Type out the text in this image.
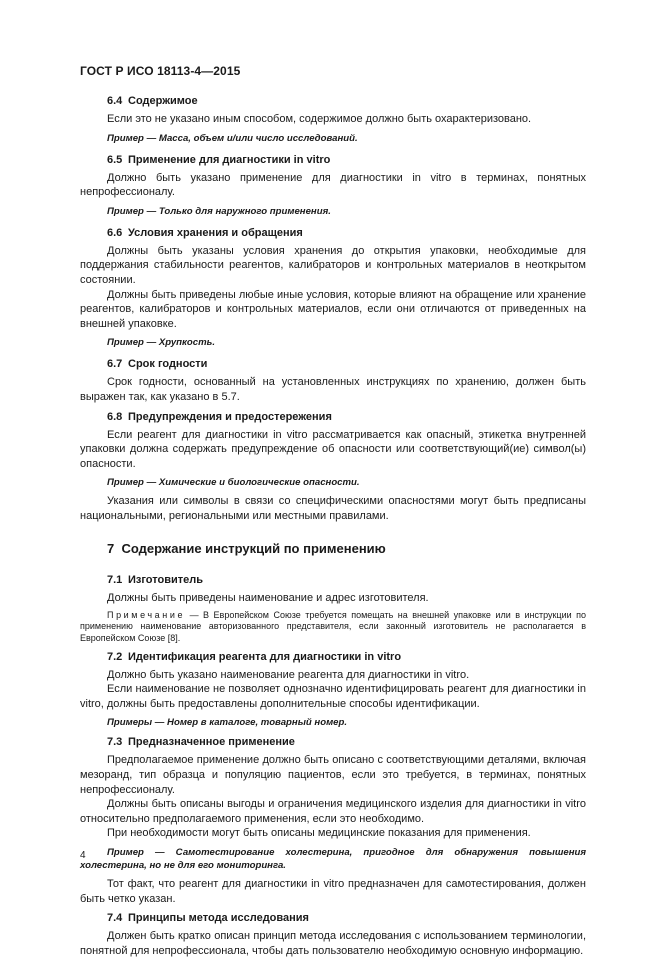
ГОСТ Р ИСО 18113-4—2015

6.4 Содержимое

Если это не указано иным способом, содержимое должно быть охарактеризовано.

Пример — Масса, объем и/или число исследований.

6.5 Применение для диагностики in vitro

Должно быть указано применение для диагностики in vitro в терминах, понятных непрофессионалу.

Пример — Только для наружного применения.

6.6 Условия хранения и обращения

Должны быть указаны условия хранения до открытия упаковки, необходимые для поддержания стабильности реагентов, калибраторов и контрольных материалов в неоткрытом состоянии.

Должны быть приведены любые иные условия, которые влияют на обращение или хранение реагентов, калибраторов и контрольных материалов, если они отличаются от приведенных на внешней упаковке.

Пример — Хрупкость.

6.7 Срок годности

Срок годности, основанный на установленных инструкциях по хранению, должен быть выражен так, как указано в 5.7.

6.8 Предупреждения и предостережения

Если реагент для диагностики in vitro рассматривается как опасный, этикетка внутренней упаковки должна содержать предупреждение об опасности или соответствующий(ие) символ(ы) опасности.

Пример — Химические и биологические опасности.

Указания или символы в связи со специфическими опасностями могут быть предписаны национальными, региональными или местными правилами.

7 Содержание инструкций по применению

7.1 Изготовитель

Должны быть приведены наименование и адрес изготовителя.

Примечание — В Европейском Союзе требуется помещать на внешней упаковке или в инструкции по применению наименование авторизованного представителя, если законный изготовитель не располагается в Европейском Союзе [8].

7.2 Идентификация реагента для диагностики in vitro

Должно быть указано наименование реагента для диагностики in vitro.

Если наименование не позволяет однозначно идентифицировать реагент для диагностики in vitro, должны быть предоставлены дополнительные способы идентификации.

Примеры — Номер в каталоге, товарный номер.

7.3 Предназначенное применение

Предполагаемое применение должно быть описано с соответствующими деталями, включая мезоранд, тип образца и популяцию пациентов, если это требуется, в терминах, понятных непрофессионалу.

Должны быть описаны выгоды и ограничения медицинского изделия для диагностики in vitro относительно предполагаемого применения, если это необходимо.

При необходимости могут быть описаны медицинские показания для применения.

Пример — Самотестирование холестерина, пригодное для обнаружения повышения холестерина, но не для его мониторинга.

Тот факт, что реагент для диагностики in vitro предназначен для самотестирования, должен быть четко указан.

7.4 Принципы метода исследования

Должен быть кратко описан принцип метода исследования с использованием терминологии, понятной для непрофессионала, чтобы дать пользователю необходимую основную информацию.

4
